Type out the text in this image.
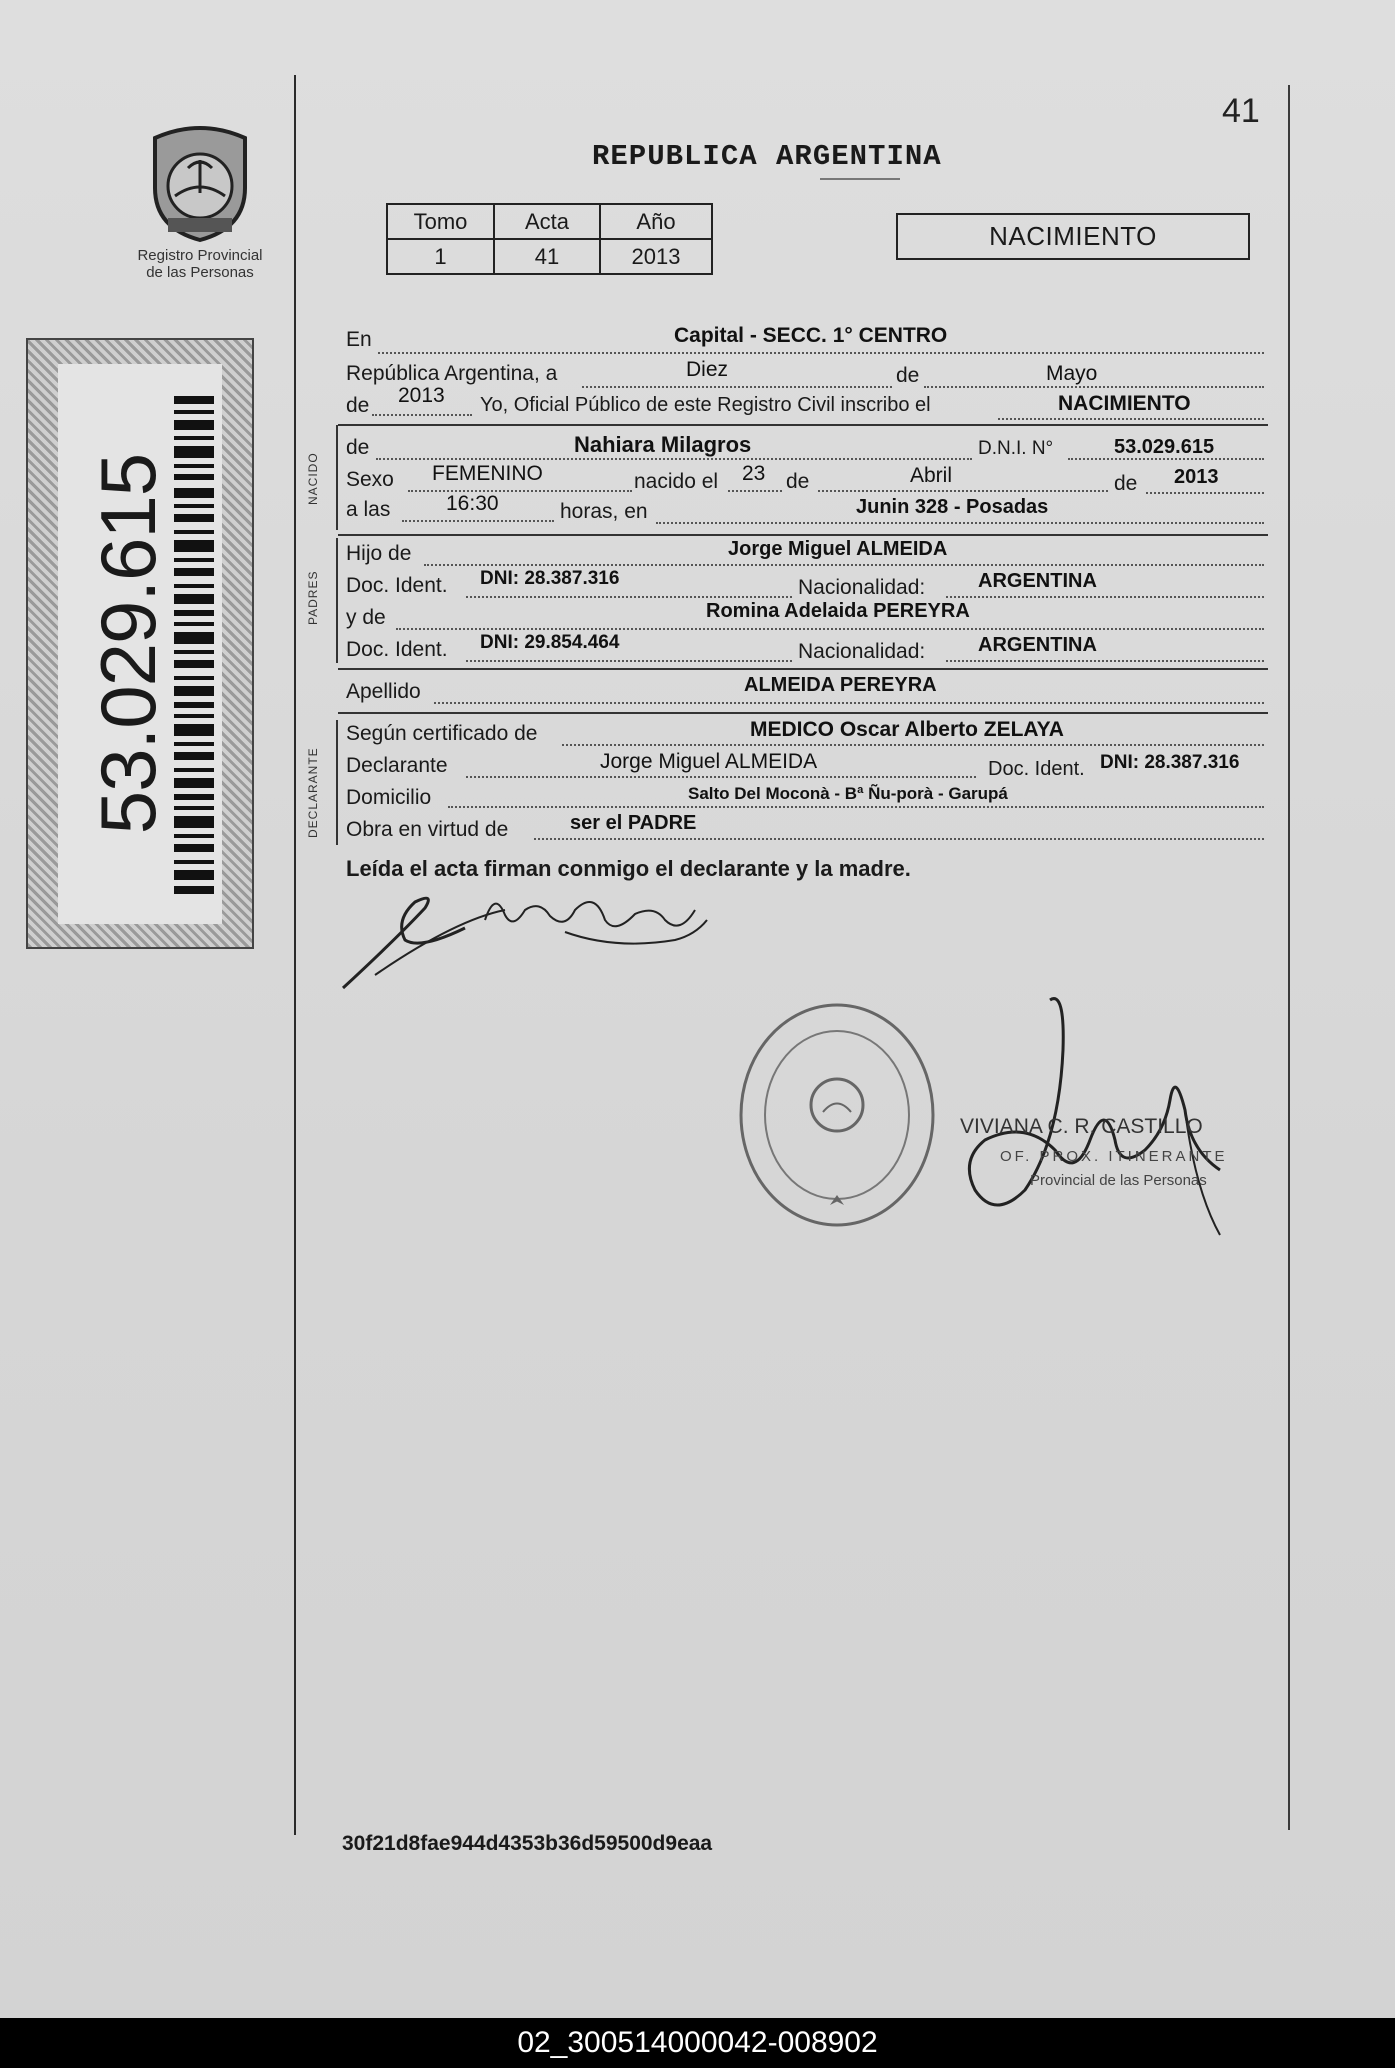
41
REPUBLICA ARGENTINA
Registro Provincial
de las Personas
53.029.615
Tomo	Acta	Año
1	41	2013
NACIMIENTO
NACIDO
PADRES
DECLARANTE
En	Capital - SECC. 1° CENTRO
República Argentina, a	Diez	de	Mayo
de 2013 Yo, Oficial Público de este Registro Civil inscribo el	NACIMIENTO
de	Nahiara Milagros	D.N.I. N°	53.029.615
Sexo FEMENINO	nacido el 23 de	Abril	de 2013
a las	16:30	horas, en	Junin 328 - Posadas
Hijo de	Jorge Miguel ALMEIDA
Doc. Ident. DNI: 28.387.316	Nacionalidad:	ARGENTINA
y de	Romina Adelaida PEREYRA
Doc. Ident. DNI: 29.854.464	Nacionalidad:	ARGENTINA
Apellido	ALMEIDA PEREYRA
Según certificado de	MEDICO Oscar Alberto ZELAYA
Declarante	Jorge Miguel ALMEIDA	Doc. Ident. DNI: 28.387.316
Domicilio	Salto Del Moconà - Bª Ñu-porà - Garupá
Obra en virtud de	ser el PADRE
Leída el acta firman conmigo el declarante y la madre.
VIVIANA C. R. CASTILLO
OF. PROX. ITINERANTE
Provincial de las Personas
30f21d8fae944d4353b36d59500d9eaa
02_300514000042-008902
